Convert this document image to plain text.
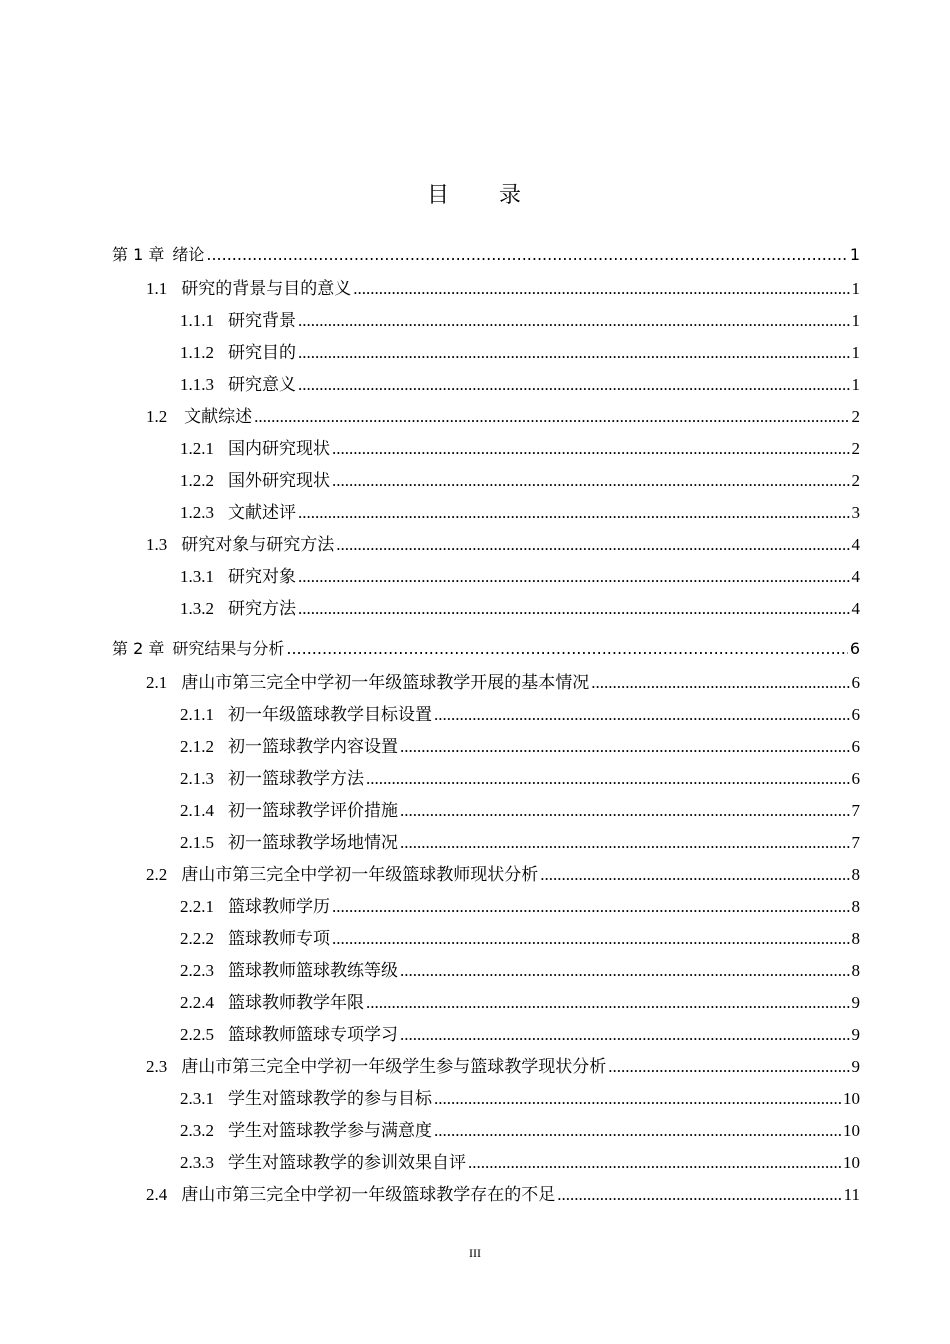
目 录
第 1 章 绪论 .....	1
1.1 研究的背景与目的意义 .....	1
1.1.1 研究背景 .....	1
1.1.2 研究目的 .....	1
1.1.3 研究意义 .....	1
1.2 文献综述 .....	2
1.2.1 国内研究现状 .....	2
1.2.2 国外研究现状 .....	2
1.2.3 文献述评 .....	3
1.3 研究对象与研究方法 .....	4
1.3.1 研究对象 .....	4
1.3.2 研究方法 .....	4
第 2 章 研究结果与分析 .....	6
2.1 唐山市第三完全中学初一年级篮球教学开展的基本情况 .....	6
2.1.1 初一年级篮球教学目标设置 .....	6
2.1.2 初一篮球教学内容设置 .....	6
2.1.3 初一篮球教学方法 .....	6
2.1.4 初一篮球教学评价措施 .....	7
2.1.5 初一篮球教学场地情况 .....	7
2.2 唐山市第三完全中学初一年级篮球教师现状分析 .....	8
2.2.1 篮球教师学历 .....	8
2.2.2 篮球教师专项 .....	8
2.2.3 篮球教师篮球教练等级 .....	8
2.2.4 篮球教师教学年限 .....	9
2.2.5 篮球教师篮球专项学习 .....	9
2.3 唐山市第三完全中学初一年级学生参与篮球教学现状分析 .....	9
2.3.1 学生对篮球教学的参与目标 .....	10
2.3.2 学生对篮球教学参与满意度 .....	10
2.3.3 学生对篮球教学的参训效果自评 .....	10
2.4 唐山市第三完全中学初一年级篮球教学存在的不足 .....	11
III
